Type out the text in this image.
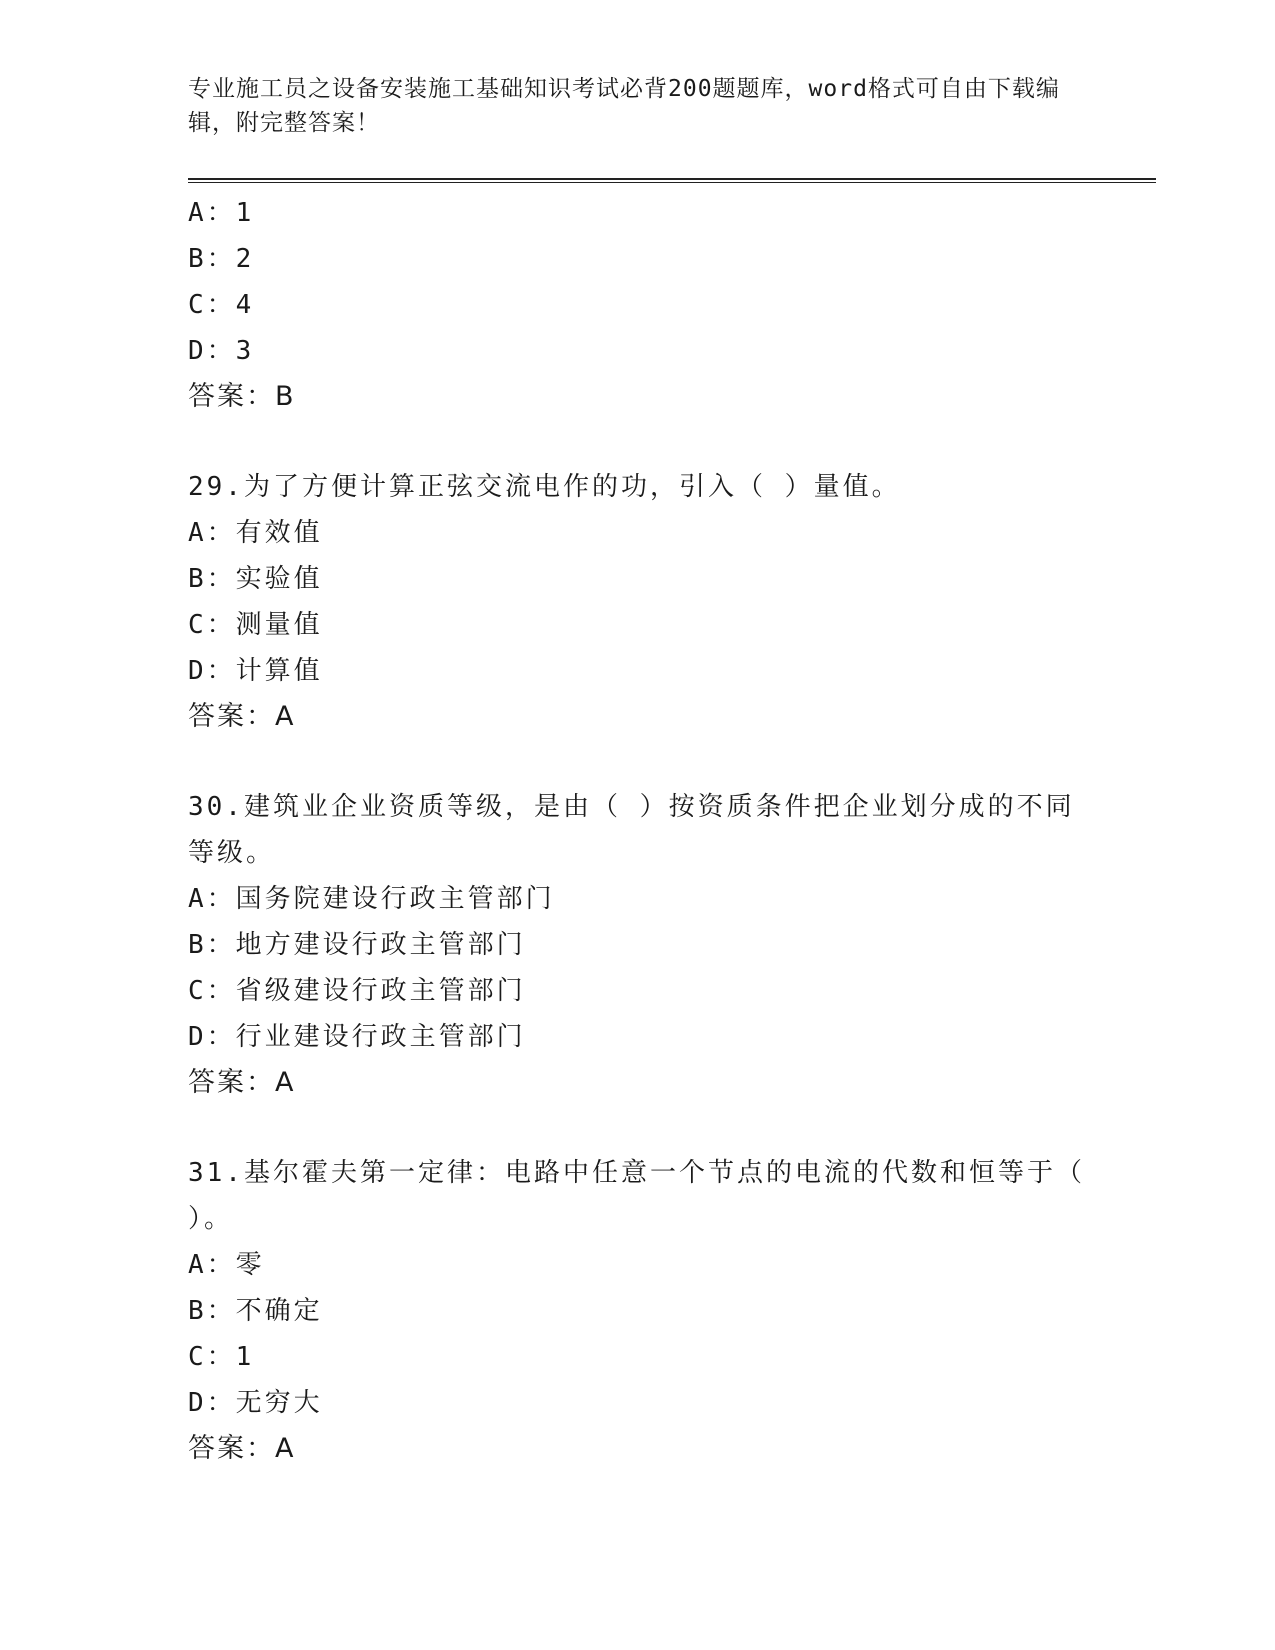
专业施工员之设备安装施工基础知识考试必背200题题库，word格式可自由下载编辑，附完整答案！
A：1
B：2
C：4
D：3
答案：B
29.为了方便计算正弦交流电作的功，引入（ ）量值。
A：有效值
B：实验值
C：测量值
D：计算值
答案：A
30.建筑业企业资质等级，是由（ ）按资质条件把企业划分成的不同等级。
A：国务院建设行政主管部门
B：地方建设行政主管部门
C：省级建设行政主管部门
D：行业建设行政主管部门
答案：A
31.基尔霍夫第一定律：电路中任意一个节点的电流的代数和恒等于（ ）。
A：零
B：不确定
C：1
D：无穷大
答案：A
